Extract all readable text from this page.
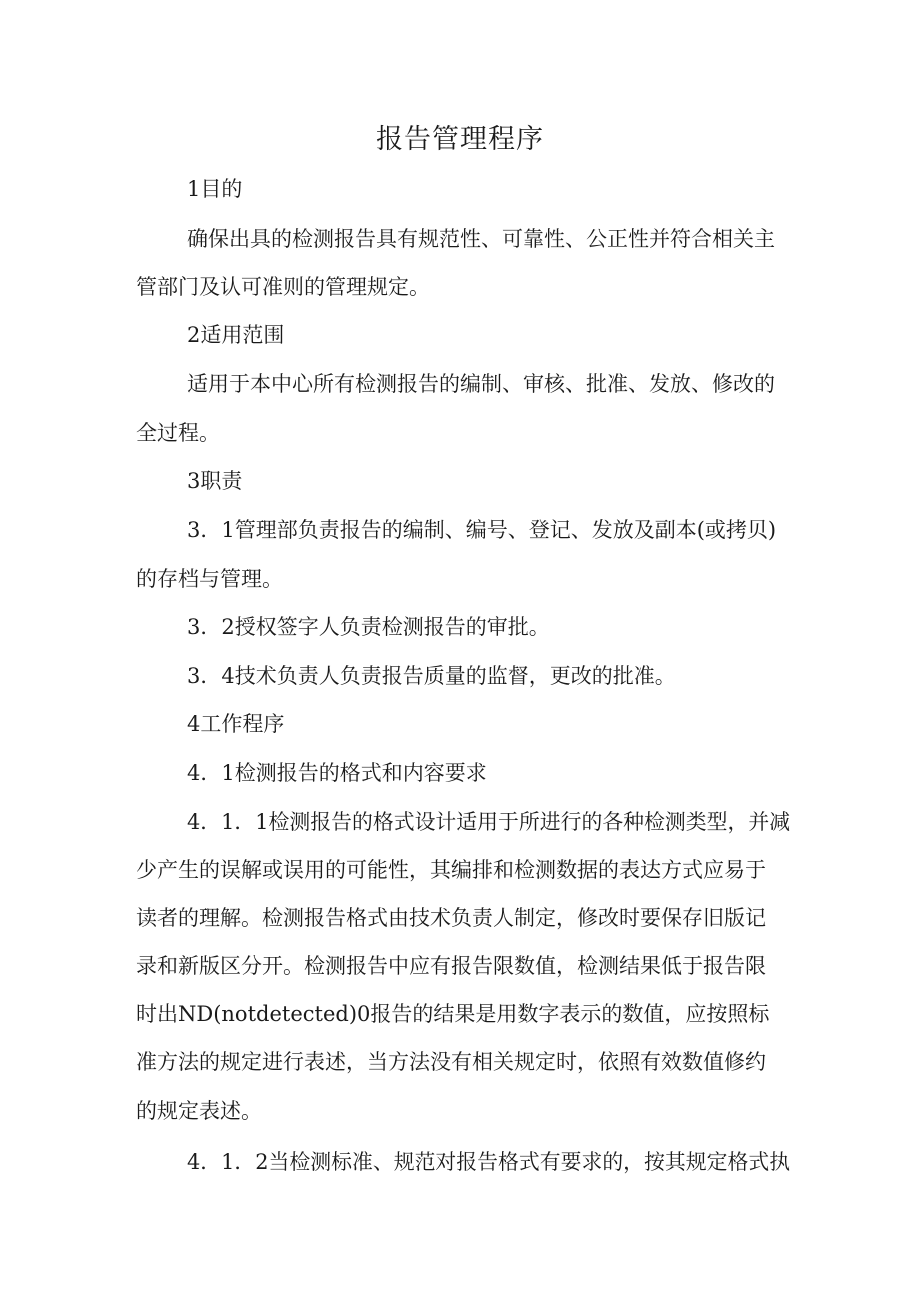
报告管理程序

1目的

确保出具的检测报告具有规范性、可靠性、公正性并符合相关主

管部门及认可准则的管理规定。

2适用范围

适用于本中心所有检测报告的编制、审核、批准、发放、修改的

全过程。

3职责

3．1管理部负责报告的编制、编号、登记、发放及副本(或拷贝)

的存档与管理。

3．2授权签字人负责检测报告的审批。

3．4技术负责人负责报告质量的监督，更改的批准。

4工作程序

4．1检测报告的格式和内容要求

4．1．1检测报告的格式设计适用于所进行的各种检测类型，并减

少产生的误解或误用的可能性，其编排和检测数据的表达方式应易于

读者的理解。检测报告格式由技术负责人制定，修改时要保存旧版记

录和新版区分开。检测报告中应有报告限数值，检测结果低于报告限

时出ND(notdetected)0报告的结果是用数字表示的数值，应按照标

准方法的规定进行表述，当方法没有相关规定时，依照有效数值修约

的规定表述。

4．1．2当检测标准、规范对报告格式有要求的，按其规定格式执
